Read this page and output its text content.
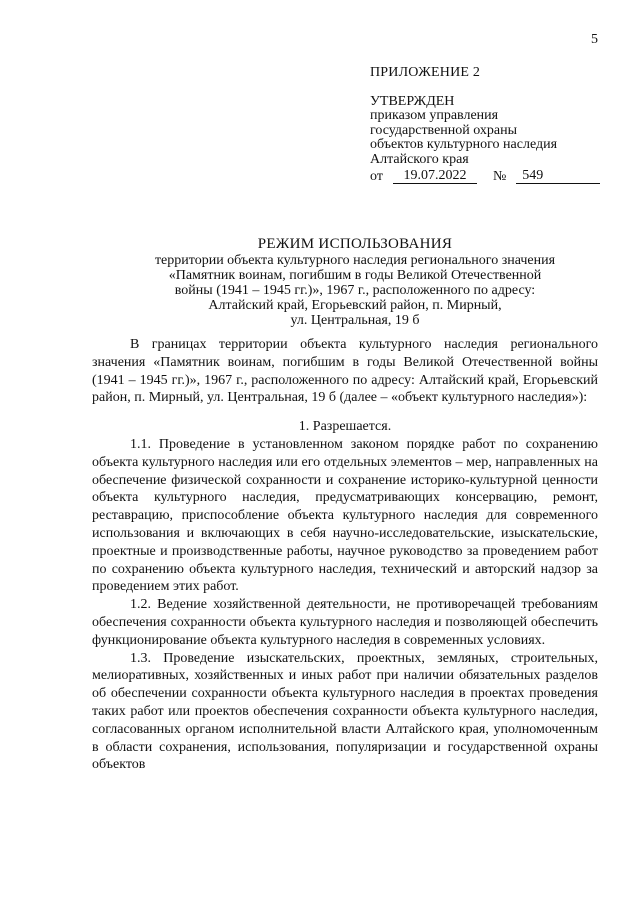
5
ПРИЛОЖЕНИЕ 2
УТВЕРЖДЕН
приказом управления
государственной охраны
объектов культурного наследия
Алтайского края
от	19.07.2022	№	549
РЕЖИМ ИСПОЛЬЗОВАНИЯ
территории объекта культурного наследия регионального значения
«Памятник воинам, погибшим в годы Великой Отечественной
войны (1941 – 1945 гг.)», 1967 г., расположенного по адресу:
Алтайский край, Егорьевский район, п. Мирный,
ул. Центральная, 19 б

В границах территории объекта культурного наследия регионального значения «Памятник воинам, погибшим в годы Великой Отечественной войны (1941 – 1945 гг.)», 1967 г., расположенного по адресу: Алтайский край, Егорьевский район, п. Мирный, ул. Центральная, 19 б (далее – «объект культурного наследия»):

1. Разрешается.

1.1. Проведение в установленном законом порядке работ по сохранению объекта культурного наследия или его отдельных элементов – мер, направленных на обеспечение физической сохранности и сохранение историко-культурной ценности объекта культурного наследия, предусматривающих консервацию, ремонт, реставрацию, приспособление объекта культурного наследия для современного использования и включающих в себя научно-исследовательские, изыскательские, проектные и производственные работы, научное руководство за проведением работ по сохранению объекта культурного наследия, технический и авторский надзор за проведением этих работ.

1.2. Ведение хозяйственной деятельности, не противоречащей требованиям обеспечения сохранности объекта культурного наследия и позволяющей обеспечить функционирование объекта культурного наследия в современных условиях.

1.3. Проведение изыскательских, проектных, земляных, строительных, мелиоративных, хозяйственных и иных работ при наличии обязательных разделов об обеспечении сохранности объекта культурного наследия в проектах проведения таких работ или проектов обеспечения сохранности объекта культурного наследия, согласованных органом исполнительной власти Алтайского края, уполномоченным в области сохранения, использования, популяризации и государственной охраны объектов
